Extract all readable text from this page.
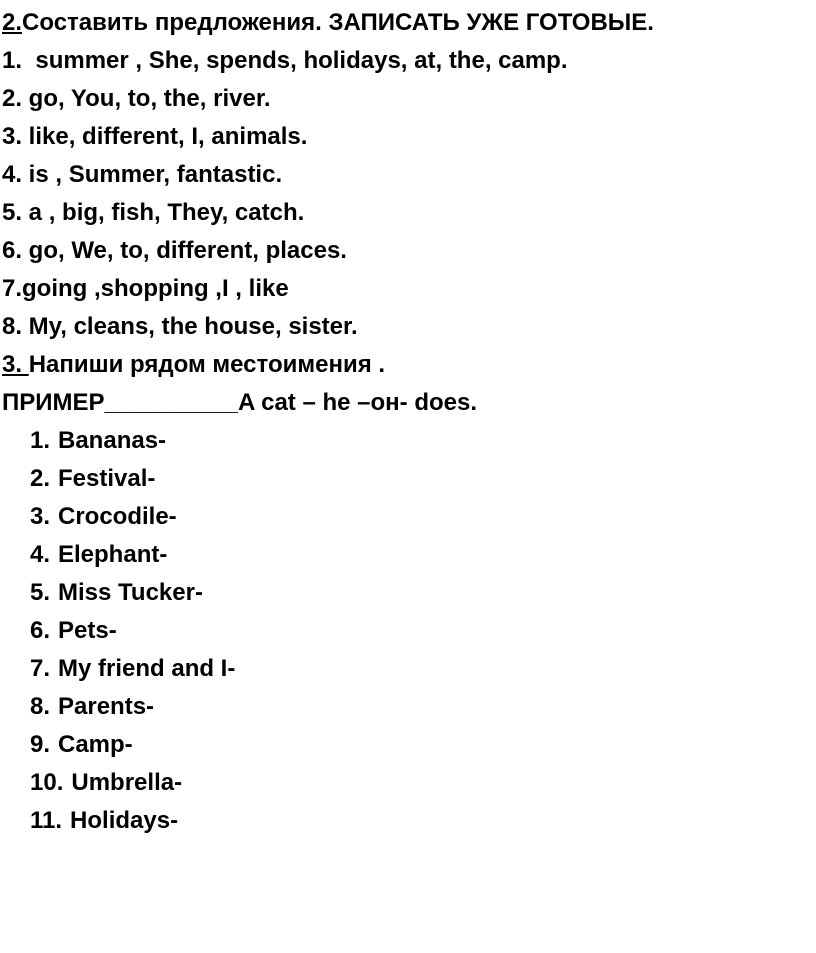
2.Составить предложения. ЗАПИСАТЬ УЖЕ ГОТОВЫЕ.
1.  summer , She, spends, holidays, at, the, camp.
2. go, You, to, the, river.
3. like, different, I, animals.
4. is , Summer, fantastic.
5. a , big, fish, They, catch.
6. go, We, to, different, places.
7.going ,shopping ,I , like
8. My, cleans, the house, sister.
3. Напиши рядом местоимения .
ПРИМЕР__________A cat – he –он- does.
1. Bananas-
2. Festival-
3. Crocodile-
4. Elephant-
5. Miss Tucker-
6. Pets-
7. My friend and I-
8. Parents-
9. Camp-
10. Umbrella-
11. Holidays-
